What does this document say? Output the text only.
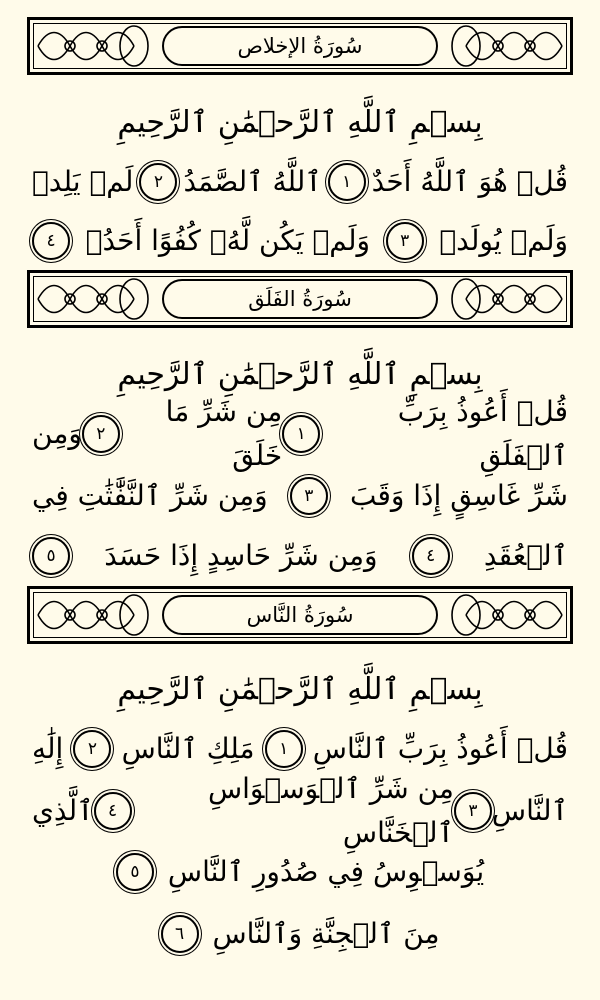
سُورَةُ الإخلاص
بِسۡمِ ٱللَّهِ ٱلرَّحۡمَٰنِ ٱلرَّحِيمِ
قُلۡ هُوَ ٱللَّهُ أَحَدٌ
١
ٱللَّهُ ٱلصَّمَدُ
٢
لَمۡ يَلِدۡ
وَلَمۡ يُولَدۡ
٣
وَلَمۡ يَكُن لَّهُۥ كُفُوًا أَحَدُۢ
٤
سُورَةُ الفَلَق
بِسۡمِ ٱللَّهِ ٱلرَّحۡمَٰنِ ٱلرَّحِيمِ
قُلۡ أَعُوذُ بِرَبِّ ٱلۡفَلَقِ
١
مِن شَرِّ مَا خَلَقَ
٢
وَمِن
شَرِّ غَاسِقٍ إِذَا وَقَبَ
٣
وَمِن شَرِّ ٱلنَّفَّٰثَٰتِ فِي
ٱلۡعُقَدِ
٤
وَمِن شَرِّ حَاسِدٍ إِذَا حَسَدَ
٥
سُورَةُ النَّاس
بِسۡمِ ٱللَّهِ ٱلرَّحۡمَٰنِ ٱلرَّحِيمِ
قُلۡ أَعُوذُ بِرَبِّ ٱلنَّاسِ
١
مَلِكِ ٱلنَّاسِ
٢
إِلَٰهِ
ٱلنَّاسِ
٣
مِن شَرِّ ٱلۡوَسۡوَاسِ ٱلۡخَنَّاسِ
٤
ٱلَّذِي
يُوَسۡوِسُ فِي صُدُورِ ٱلنَّاسِ
٥
مِنَ ٱلۡجِنَّةِ وَٱلنَّاسِ
٦
